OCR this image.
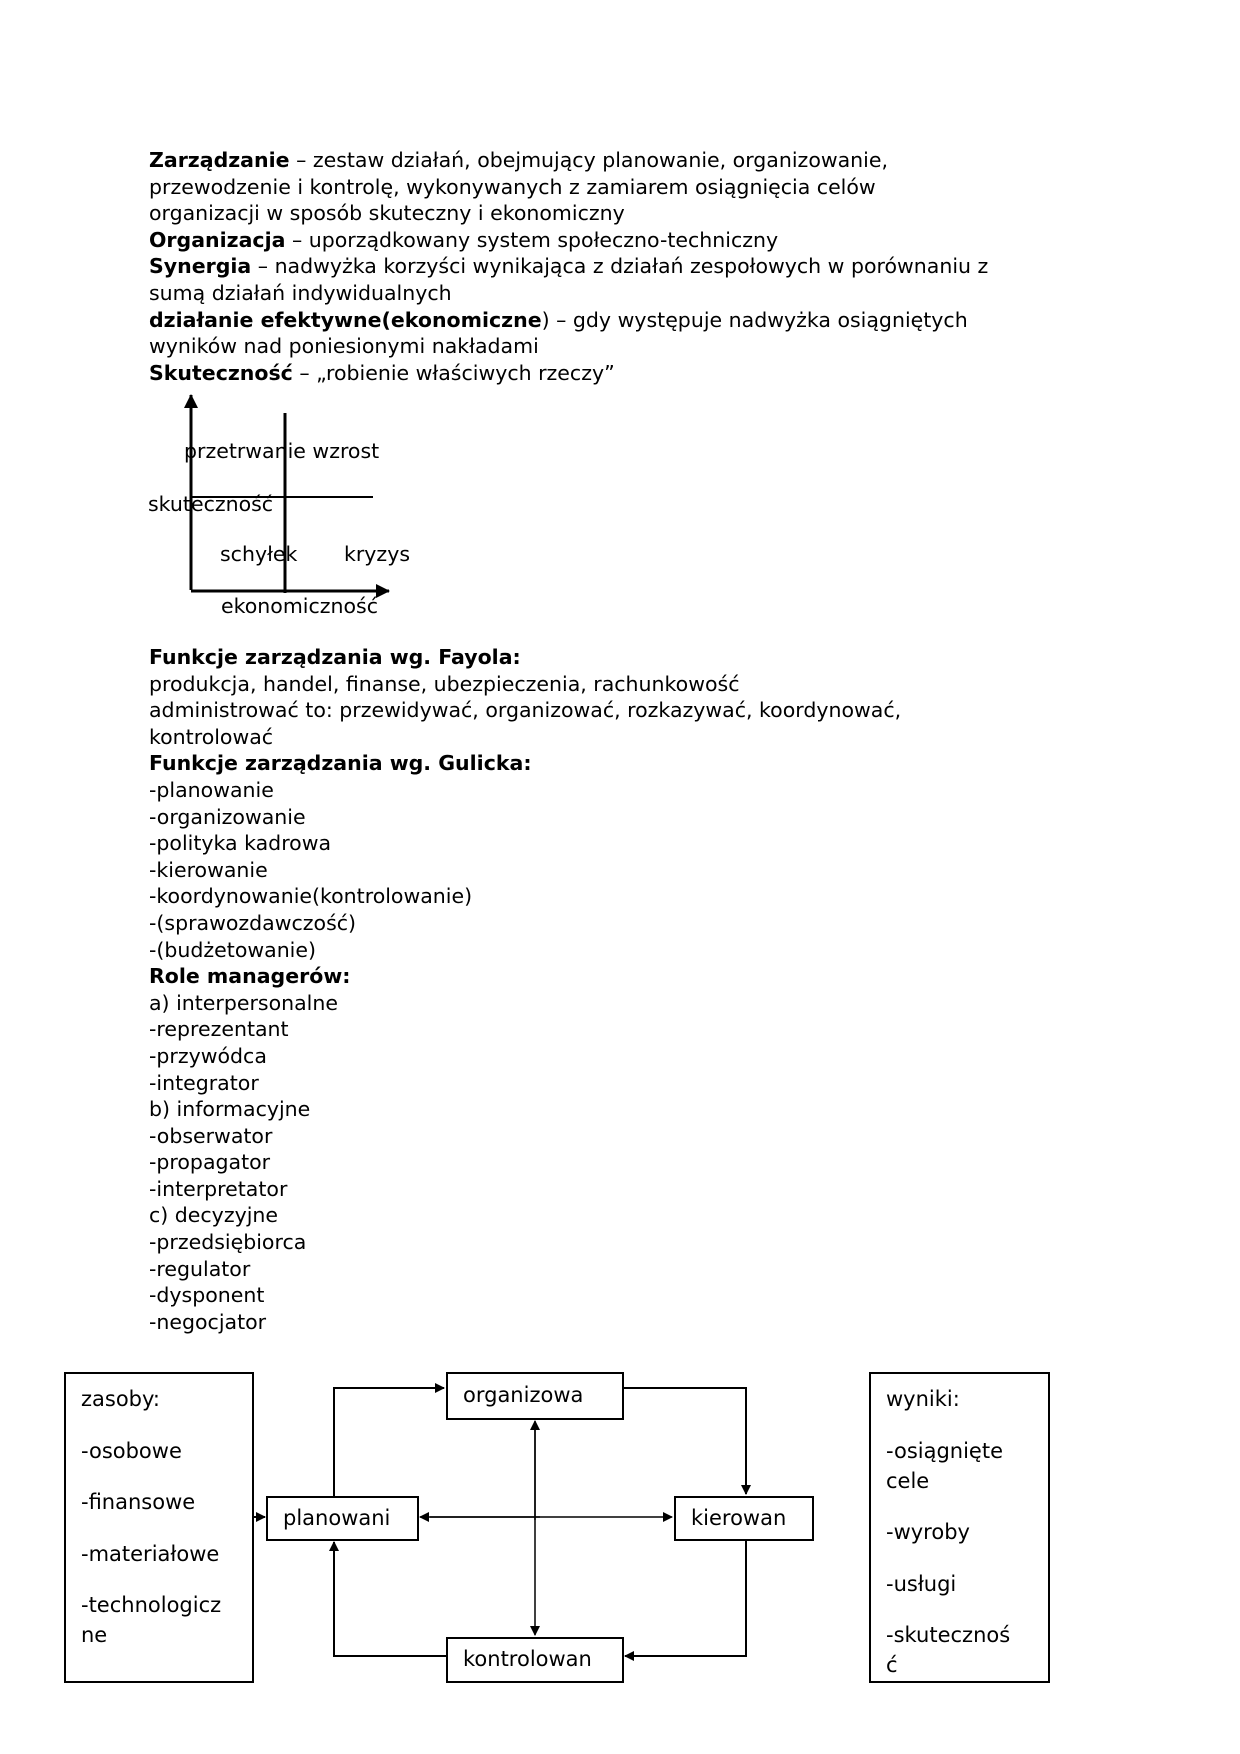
Zarządzanie – zestaw działań, obejmujący planowanie, organizowanie,
przewodzenie i kontrolę, wykonywanych z zamiarem osiągnięcia celów
organizacji w sposób skuteczny i ekonomiczny
Organizacja – uporządkowany system społeczno-techniczny
Synergia – nadwyżka korzyści wynikająca z działań zespołowych w porównaniu z
sumą działań indywidualnych
działanie efektywne(ekonomiczne) – gdy występuje nadwyżka osiągniętych
wyników nad poniesionymi nakładami
Skuteczność – „robienie właściwych rzeczy”
przetrwanie wzrost
skuteczność
schyłek kryzys
ekonomiczność
Funkcje zarządzania wg. Fayola:
produkcja, handel, finanse, ubezpieczenia, rachunkowość
administrować to: przewidywać, organizować, rozkazywać, koordynować,
kontrolować
Funkcje zarządzania wg. Gulicka:
-planowanie
-organizowanie
-polityka kadrowa
-kierowanie
-koordynowanie(kontrolowanie)
-(sprawozdawczość)
-(budżetowanie)
Role managerów:
a) interpersonalne
-reprezentant
-przywódca
-integrator
b) informacyjne
-obserwator
-propagator
-interpretator
c) decyzyjne
-przedsiębiorca
-regulator
-dysponent
-negocjator
zasoby:
-osobowe
-finansowe
-materiałowe
-technologicz
ne
organizowa
planowani	kierowan
kontrolowan
wyniki:
-osiągnięte
cele
-wyroby
-usługi
-skutecznoś
ć
